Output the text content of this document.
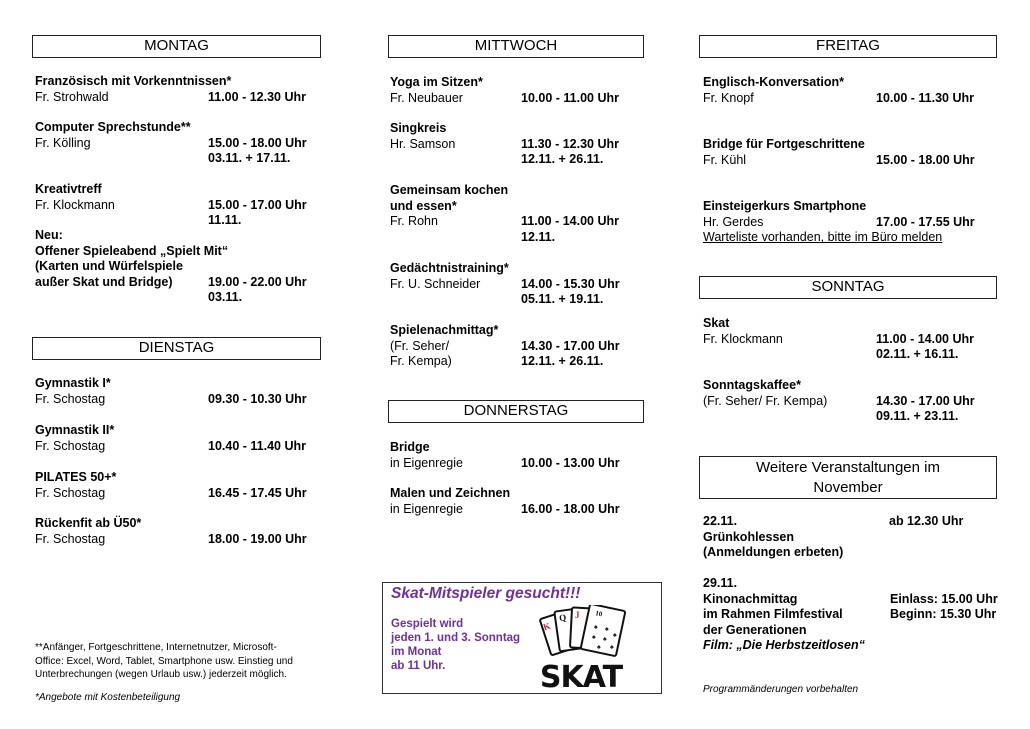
MONTAG
Französisch mit Vorkenntnissen*
Fr. Strohwald	11.00 - 12.30 Uhr
Computer Sprechstunde**
Fr. Kölling	15.00 - 18.00 Uhr
03.11. + 17.11.
Kreativtreff
Fr. Klockmann	15.00 - 17.00 Uhr
11.11.
Neu:
Offener Spieleabend „Spielt Mit“
(Karten und Würfelspiele
außer Skat und Bridge)	19.00 - 22.00 Uhr
03.11.
DIENSTAG
Gymnastik I*
Fr. Schostag	09.30 - 10.30 Uhr
Gymnastik II*
Fr. Schostag	10.40 - 11.40 Uhr
PILATES 50+*
Fr. Schostag	16.45 - 17.45 Uhr
Rückenfit ab Ü50*
Fr. Schostag	18.00 - 19.00 Uhr
**Anfänger, Fortgeschrittene, Internetnutzer, Microsoft-
Office: Excel, Word, Tablet, Smartphone usw. Einstieg und
Unterbrechungen (wegen Urlaub usw.) jederzeit möglich.
*Angebote mit Kostenbeteiligung
MITTWOCH
Yoga im Sitzen*
Fr. Neubauer	10.00 - 11.00 Uhr
Singkreis
Hr. Samson	11.30 - 12.30 Uhr
12.11. + 26.11.
Gemeinsam kochen
und essen*
Fr. Rohn	11.00 - 14.00 Uhr
12.11.
Gedächtnistraining*
Fr. U. Schneider	14.00 - 15.30 Uhr
05.11. + 19.11.
Spielenachmittag*
(Fr. Seher/	14.30 - 17.00 Uhr
Fr. Kempa)	12.11. + 26.11.
DONNERSTAG
Bridge
in Eigenregie	10.00 - 13.00 Uhr
Malen und Zeichnen
in Eigenregie	16.00 - 18.00 Uhr
Skat-Mitspieler gesucht!!!
Gespielt wird
jeden 1. und 3. Sonntag
im Monat
ab 11 Uhr.
K
Q J 10
♠ ♠
♠ ♠
♠
♠ ♠
SKAT
FREITAG
Englisch-Konversation*
Fr. Knopf	10.00 - 11.30 Uhr
Bridge für Fortgeschrittene
Fr. Kühl	15.00 - 18.00 Uhr
Einsteigerkurs Smartphone
Hr. Gerdes	17.00 - 17.55 Uhr
Warteliste vorhanden, bitte im Büro melden
SONNTAG
Skat
Fr. Klockmann	11.00 - 14.00 Uhr
02.11. + 16.11.
Sonntagskaffee*
(Fr. Seher/ Fr. Kempa)	14.30 - 17.00 Uhr
09.11. + 23.11.
Weitere Veranstaltungen im
November
22.11.	ab 12.30 Uhr
Grünkohlessen
(Anmeldungen erbeten)
29.11.
Kinonachmittag	Einlass: 15.00 Uhr
im Rahmen Filmfestival	Beginn: 15.30 Uhr
der Generationen
Film: „Die Herbstzeitlosen“
Programmänderungen vorbehalten
